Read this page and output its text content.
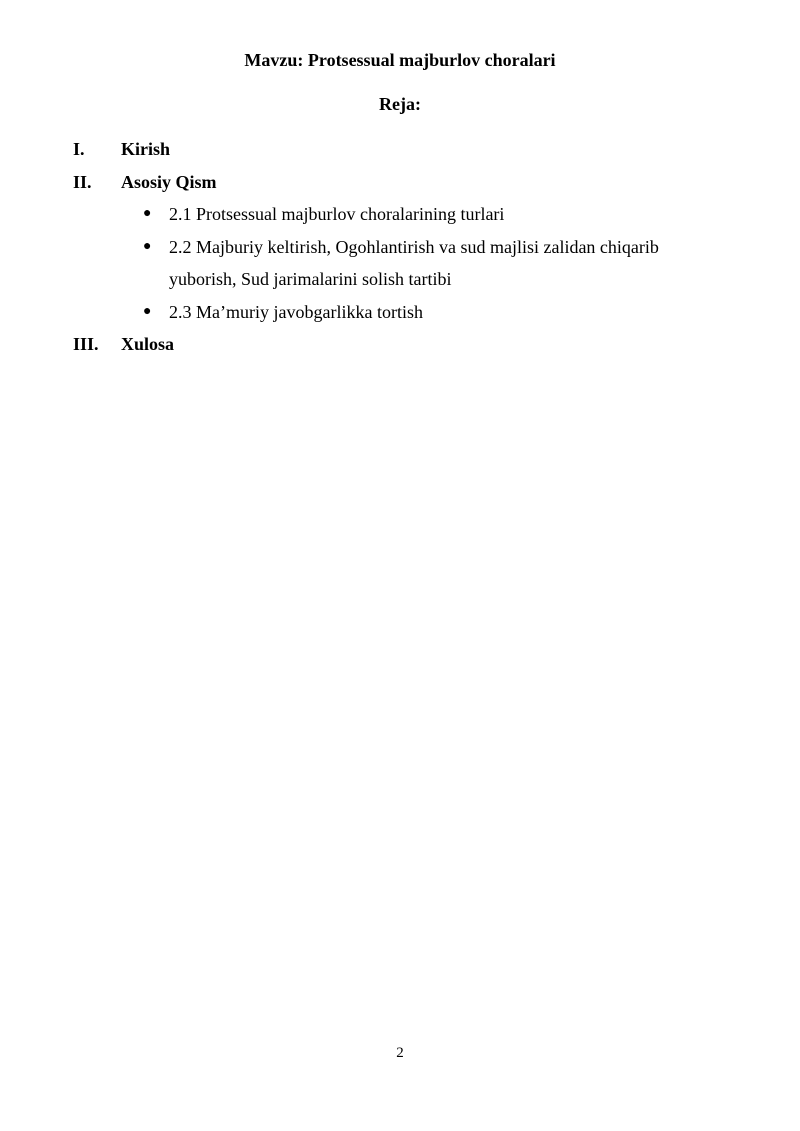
Mavzu: Protsessual majburlov choralari
Reja:
I. Kirish
II. Asosiy Qism
● 2.1 Protsessual majburlov choralarining turlari
● 2.2 Majburiy keltirish, Ogohlantirish va sud majlisi zalidan chiqarib yuborish, Sud jarimalarini solish tartibi
● 2.3 Ma’muriy javobgarlikka tortish
III. Xulosa
2
